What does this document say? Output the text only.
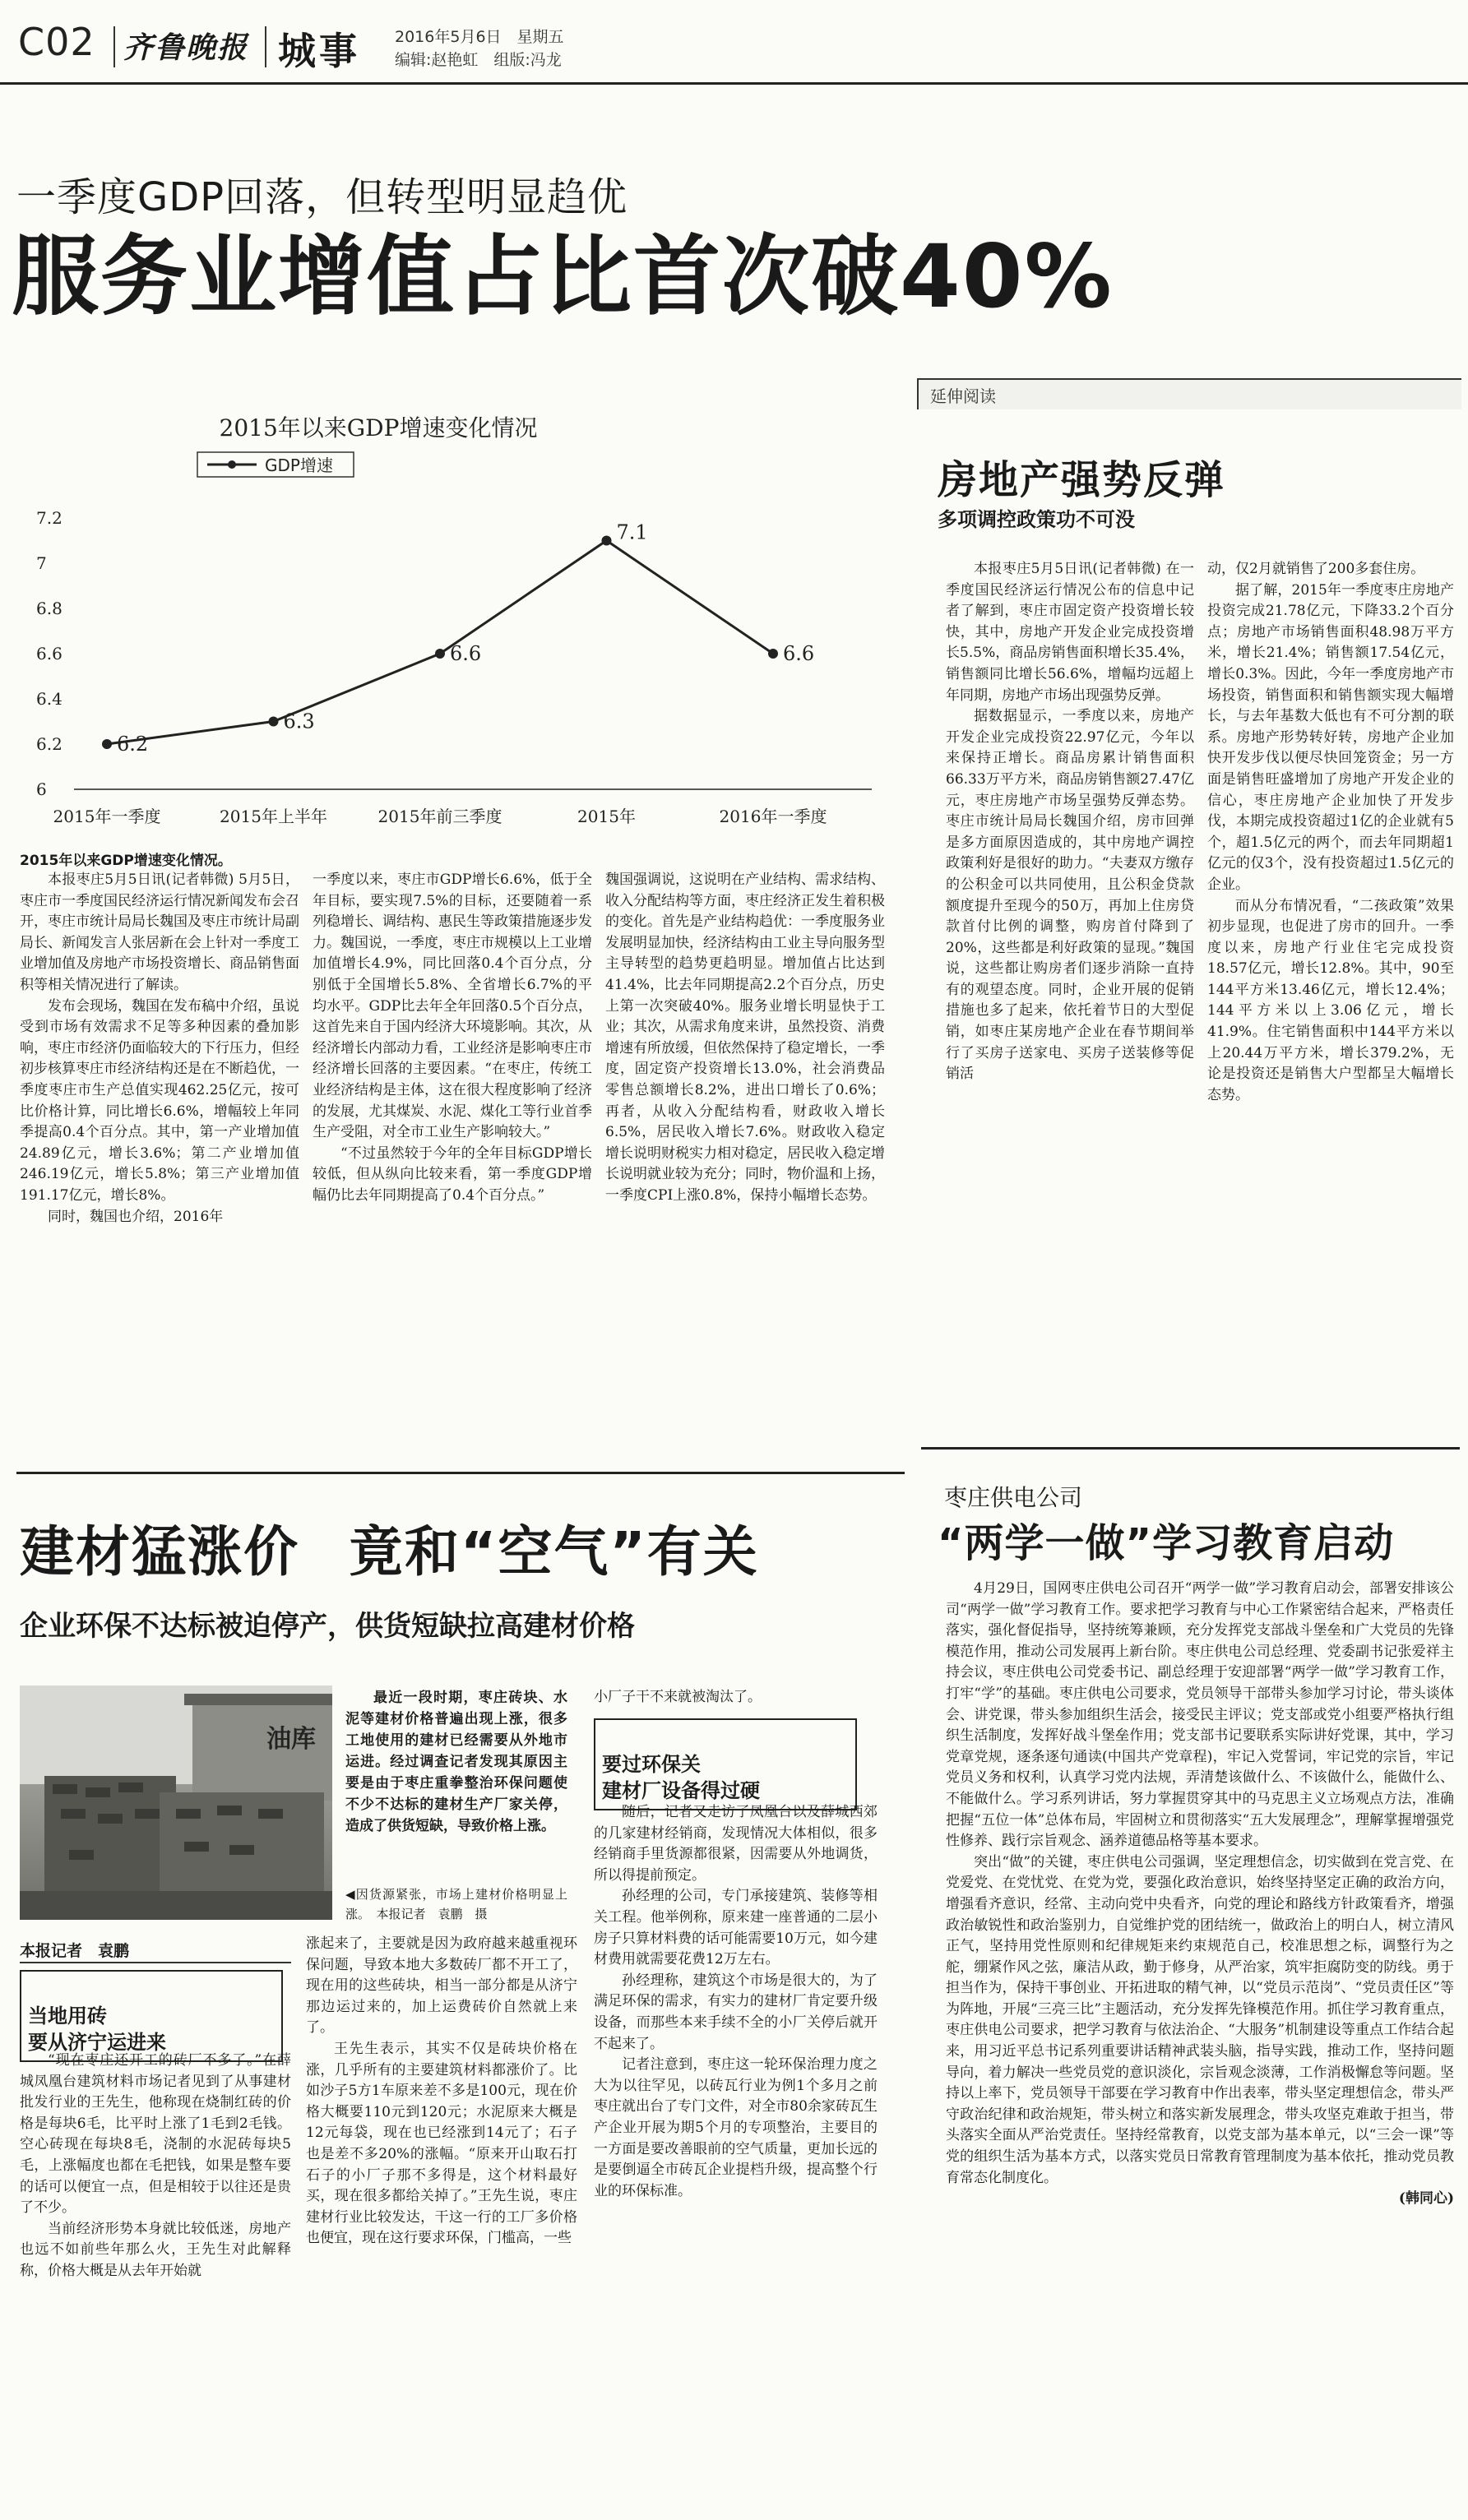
C02 齐鲁晚报 城事 2016年5月6日　星期五
编辑:赵艳虹　组版:冯龙
一季度GDP回落，但转型明显趋优
服务业增值占比首次破40%
2015年以来GDP增速变化情况
GDP增速
6
6.2
6.4
6.6
6.8
7
7.2
2015年一季度	2015年上半年	2015年前三季度	2015年	2016年一季度
6.2
6.3
6.6
7.1
6.6
2015年以来GDP增速变化情况。

本报枣庄5月5日讯(记者韩微) 5月5日，枣庄市一季度国民经济运行情况新闻发布会召开，枣庄市统计局局长魏国及枣庄市统计局副局长、新闻发言人张居新在会上针对一季度工业增加值及房地产市场投资增长、商品销售面积等相关情况进行了解读。

发布会现场，魏国在发布稿中介绍，虽说受到市场有效需求不足等多种因素的叠加影响，枣庄市经济仍面临较大的下行压力，但经初步核算枣庄市经济结构还是在不断趋优，一季度枣庄市生产总值实现462.25亿元，按可比价格计算，同比增长6.6%，增幅较上年同季提高0.4个百分点。其中，第一产业增加值24.89亿元，增长3.6%；第二产业增加值246.19亿元，增长5.8%；第三产业增加值191.17亿元，增长8%。

同时，魏国也介绍，2016年

一季度以来，枣庄市GDP增长6.6%，低于全年目标，要实现7.5%的目标，还要随着一系列稳增长、调结构、惠民生等政策措施逐步发力。魏国说，一季度，枣庄市规模以上工业增加值增长4.9%，同比回落0.4个百分点，分别低于全国增长5.8%、全省增长6.7%的平均水平。GDP比去年全年回落0.5个百分点，这首先来自于国内经济大环境影响。其次，从经济增长内部动力看，工业经济是影响枣庄市经济增长回落的主要因素。“在枣庄，传统工业经济结构是主体，这在很大程度影响了经济的发展，尤其煤炭、水泥、煤化工等行业首季生产受阻，对全市工业生产影响较大。”

“不过虽然较于今年的全年目标GDP增长较低，但从纵向比较来看，第一季度GDP增幅仍比去年同期提高了0.4个百分点。”

魏国强调说，这说明在产业结构、需求结构、收入分配结构等方面，枣庄经济正发生着积极的变化。首先是产业结构趋优：一季度服务业发展明显加快，经济结构由工业主导向服务型主导转型的趋势更趋明显。增加值占比达到41.4%，比去年同期提高2.2个百分点，历史上第一次突破40%。服务业增长明显快于工业；其次，从需求角度来讲，虽然投资、消费增速有所放缓，但依然保持了稳定增长，一季度，固定资产投资增长13.0%，社会消费品零售总额增长8.2%，进出口增长了0.6%；再者，从收入分配结构看，财政收入增长6.5%，居民收入增长7.6%。财政收入稳定增长说明财税实力相对稳定，居民收入稳定增长说明就业较为充分；同时，物价温和上扬，一季度CPI上涨0.8%，保持小幅增长态势。

延伸阅读
房地产强势反弹
多项调控政策功不可没

本报枣庄5月5日讯(记者韩微) 在一季度国民经济运行情况公布的信息中记者了解到，枣庄市固定资产投资增长较快，其中，房地产开发企业完成投资增长5.5%，商品房销售面积增长35.4%，销售额同比增长56.6%，增幅均远超上年同期，房地产市场出现强势反弹。

据数据显示，一季度以来，房地产开发企业完成投资22.97亿元，今年以来保持正增长。商品房累计销售面积66.33万平方米，商品房销售额27.47亿元，枣庄房地产市场呈强势反弹态势。枣庄市统计局局长魏国介绍，房市回弹是多方面原因造成的，其中房地产调控政策利好是很好的助力。“夫妻双方缴存的公积金可以共同使用，且公积金贷款额度提升至现今的50万，再加上住房贷款首付比例的调整，购房首付降到了20%，这些都是利好政策的显现。”魏国说，这些都让购房者们逐步消除一直持有的观望态度。同时，企业开展的促销措施也多了起来，依托着节日的大型促销，如枣庄某房地产企业在春节期间举行了买房子送家电、买房子送装修等促销活

动，仅2月就销售了200多套住房。

据了解，2015年一季度枣庄房地产投资完成21.78亿元，下降33.2个百分点；房地产市场销售面积48.98万平方米，增长21.4%；销售额17.54亿元，增长0.3%。因此，今年一季度房地产市场投资，销售面积和销售额实现大幅增长，与去年基数大低也有不可分割的联系。房地产形势转好转，房地产企业加快开发步伐以便尽快回笼资金；另一方面是销售旺盛增加了房地产开发企业的信心，枣庄房地产企业加快了开发步伐，本期完成投资超过1亿的企业就有5个，超1.5亿元的两个，而去年同期超1亿元的仅3个，没有投资超过1.5亿元的企业。

而从分布情况看，“二孩政策”效果初步显现，也促进了房市的回升。一季度以来，房地产行业住宅完成投资18.57亿元，增长12.8%。其中，90至144平方米13.46亿元，增长12.4%；144平方米以上3.06亿元，增长41.9%。住宅销售面积中144平方米以上20.44万平方米，增长379.2%，无论是投资还是销售大户型都呈大幅增长态势。

建材猛涨价 竟和“空气”有关
企业环保不达标被迫停产，供货短缺拉高建材价格
油库

最近一段时期，枣庄砖块、水泥等建材价格普遍出现上涨，很多工地使用的建材已经需要从外地市运进。经过调查记者发现其原因主要是由于枣庄重拳整治环保问题使不少不达标的建材生产厂家关停，造成了供货短缺，导致价格上涨。

◀因货源紧张，市场上建材价格明显上涨。　本报记者　袁鹏　摄

本报记者　袁鹏

当地用砖
要从济宁运进来

“现在枣庄还开工的砖厂不多了。”在薛城凤凰台建筑材料市场记者见到了从事建材批发行业的王先生，他称现在烧制红砖的价格是每块6毛，比平时上涨了1毛到2毛钱。空心砖现在每块8毛，浇制的水泥砖每块5毛，上涨幅度也都在毛把钱，如果是整车要的话可以便宜一点，但是相较于以往还是贵了不少。

当前经济形势本身就比较低迷，房地产也远不如前些年那么火，王先生对此解释称，价格大概是从去年开始就

涨起来了，主要就是因为政府越来越重视环保问题，导致本地大多数砖厂都不开工了，现在用的这些砖块，相当一部分都是从济宁那边运过来的，加上运费砖价自然就上来了。

王先生表示，其实不仅是砖块价格在涨，几乎所有的主要建筑材料都涨价了。比如沙子5方1车原来差不多是100元，现在价格大概要110元到120元；水泥原来大概是12元每袋，现在也已经涨到14元了；石子也是差不多20%的涨幅。“原来开山取石打石子的小厂子那不多得是，这个材料最好买，现在很多都给关掉了。”王先生说，枣庄建材行业比较发达，干这一行的工厂多价格也便宜，现在这行要求环保，门槛高，一些

小厂子干不来就被淘汰了。

要过环保关
建材厂设备得过硬

随后，记者又走访了凤凰台以及薛城西郊的几家建材经销商，发现情况大体相似，很多经销商手里货源都很紧，因需要从外地调货，所以得提前预定。

孙经理的公司，专门承接建筑、装修等相关工程。他举例称，原来建一座普通的二层小房子只算材料费的话可能需要10万元，如今建材费用就需要花费12万左右。

孙经理称，建筑这个市场是很大的，为了满足环保的需求，有实力的建材厂肯定要升级设备，而那些本来手续不全的小厂关停后就开不起来了。

记者注意到，枣庄这一轮环保治理力度之大为以往罕见，以砖瓦行业为例1个多月之前枣庄就出台了专门文件，对全市80余家砖瓦生产企业开展为期5个月的专项整治，主要目的一方面是要改善眼前的空气质量，更加长远的是要倒逼全市砖瓦企业提档升级，提高整个行业的环保标准。

枣庄供电公司
“两学一做”学习教育启动

4月29日，国网枣庄供电公司召开“两学一做”学习教育启动会，部署安排该公司“两学一做”学习教育工作。要求把学习教育与中心工作紧密结合起来，严格责任落实，强化督促指导，坚持统筹兼顾，充分发挥党支部战斗堡垒和广大党员的先锋模范作用，推动公司发展再上新台阶。枣庄供电公司总经理、党委副书记张爱祥主持会议，枣庄供电公司党委书记、副总经理于安迎部署“两学一做”学习教育工作，打牢“学”的基础。枣庄供电公司要求，党员领导干部带头参加学习讨论，带头谈体会、讲党课，带头参加组织生活会，接受民主评议；党支部或党小组要严格执行组织生活制度，发挥好战斗堡垒作用；党支部书记要联系实际讲好党课，其中，学习党章党规，逐条逐句通读(中国共产党章程)，牢记入党誓词，牢记党的宗旨，牢记党员义务和权利，认真学习党内法规，弄清楚该做什么、不该做什么，能做什么、不能做什么。学习系列讲话，努力掌握贯穿其中的马克思主义立场观点方法，准确把握“五位一体”总体布局，牢固树立和贯彻落实“五大发展理念”，理解掌握增强党性修养、践行宗旨观念、涵养道德品格等基本要求。

突出“做”的关键，枣庄供电公司强调，坚定理想信念，切实做到在党言党、在党爱党、在党忧党、在党为党，要强化政治意识，始终坚持坚定正确的政治方向，增强看齐意识，经常、主动向党中央看齐，向党的理论和路线方针政策看齐，增强政治敏锐性和政治鉴别力，自觉维护党的团结统一，做政治上的明白人，树立清风正气，坚持用党性原则和纪律规矩来约束规范自己，校准思想之标，调整行为之舵，绷紧作风之弦，廉洁从政，勤于修身，从严治家，筑牢拒腐防变的防线。勇于担当作为，保持干事创业、开拓进取的精气神，以“党员示范岗”、“党员责任区”等为阵地，开展“三亮三比”主题活动，充分发挥先锋模范作用。抓住学习教育重点，枣庄供电公司要求，把学习教育与依法治企、“大服务”机制建设等重点工作结合起来，用习近平总书记系列重要讲话精神武装头脑，指导实践，推动工作，坚持问题导向，着力解决一些党员党的意识淡化，宗旨观念淡薄，工作消极懈怠等问题。坚持以上率下，党员领导干部要在学习教育中作出表率，带头坚定理想信念，带头严守政治纪律和政治规矩，带头树立和落实新发展理念，带头攻坚克难敢于担当，带头落实全面从严治党责任。坚持经常教育，以党支部为基本单元，以“三会一课”等党的组织生活为基本方式，以落实党员日常教育管理制度为基本依托，推动党员教育常态化制度化。

(韩同心)
